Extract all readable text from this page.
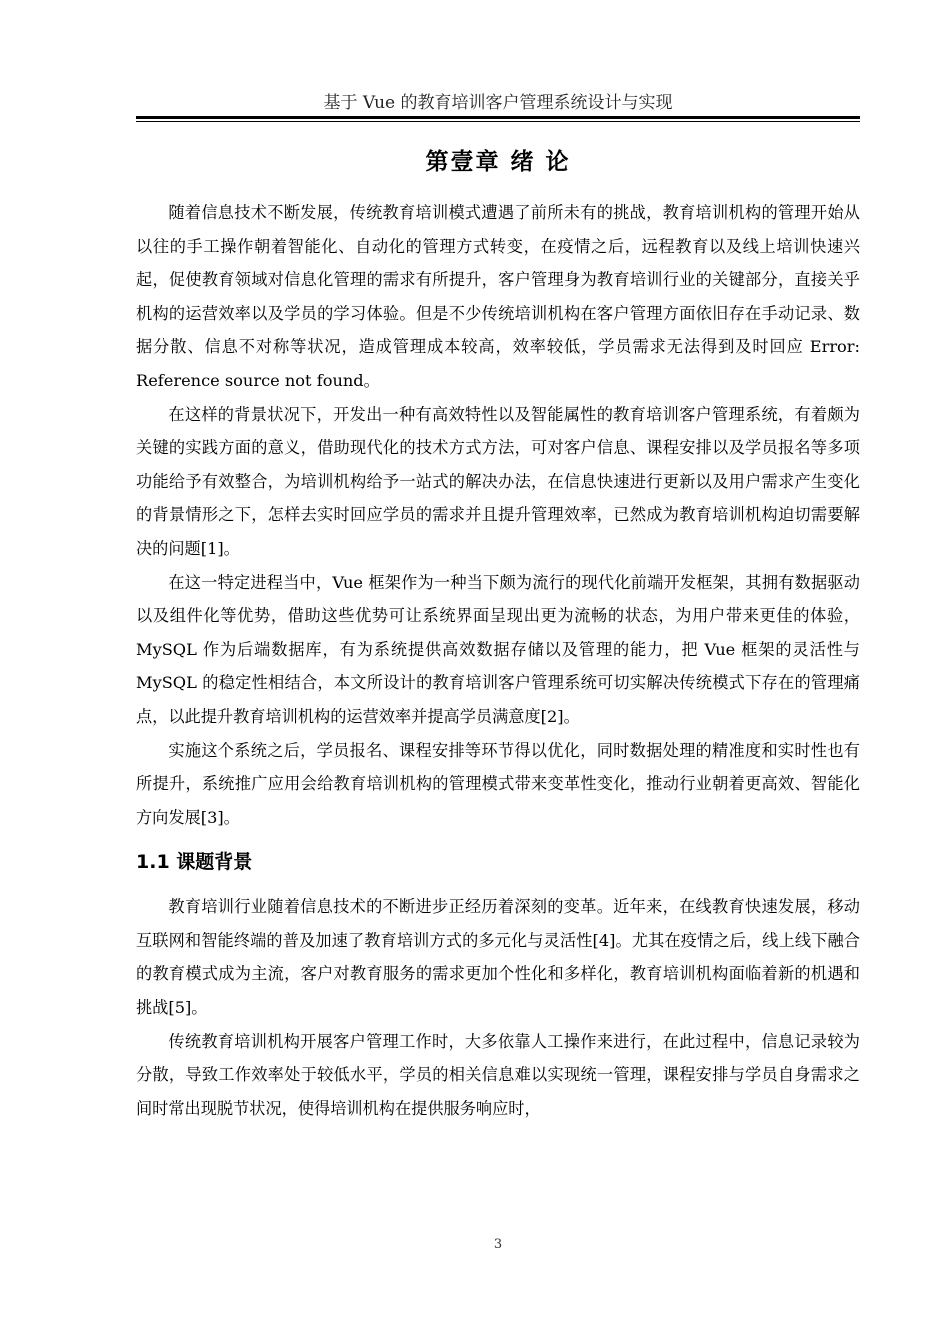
基于 Vue 的教育培训客户管理系统设计与实现
第壹章 绪 论

随着信息技术不断发展，传统教育培训模式遭遇了前所未有的挑战，教育培训机构的管理开始从以往的手工操作朝着智能化、自动化的管理方式转变，在疫情之后，远程教育以及线上培训快速兴起，促使教育领域对信息化管理的需求有所提升，客户管理身为教育培训行业的关键部分，直接关乎机构的运营效率以及学员的学习体验。但是不少传统培训机构在客户管理方面依旧存在手动记录、数据分散、信息不对称等状况，造成管理成本较高，效率较低，学员需求无法得到及时回应 Error: Reference source not found。

在这样的背景状况下，开发出一种有高效特性以及智能属性的教育培训客户管理系统，有着颇为关键的实践方面的意义，借助现代化的技术方式方法，可对客户信息、课程安排以及学员报名等多项功能给予有效整合，为培训机构给予一站式的解决办法，在信息快速进行更新以及用户需求产生变化的背景情形之下，怎样去实时回应学员的需求并且提升管理效率，已然成为教育培训机构迫切需要解决的问题[1]。

在这一特定进程当中，Vue 框架作为一种当下颇为流行的现代化前端开发框架，其拥有数据驱动以及组件化等优势，借助这些优势可让系统界面呈现出更为流畅的状态，为用户带来更佳的体验，MySQL 作为后端数据库，有为系统提供高效数据存储以及管理的能力，把 Vue 框架的灵活性与 MySQL 的稳定性相结合，本文所设计的教育培训客户管理系统可切实解决传统模式下存在的管理痛点，以此提升教育培训机构的运营效率并提高学员满意度[2]。

实施这个系统之后，学员报名、课程安排等环节得以优化，同时数据处理的精准度和实时性也有所提升，系统推广应用会给教育培训机构的管理模式带来变革性变化，推动行业朝着更高效、智能化方向发展[3]。

1.1 课题背景

教育培训行业随着信息技术的不断进步正经历着深刻的变革。近年来，在线教育快速发展，移动互联网和智能终端的普及加速了教育培训方式的多元化与灵活性[4]。尤其在疫情之后，线上线下融合的教育模式成为主流，客户对教育服务的需求更加个性化和多样化，教育培训机构面临着新的机遇和挑战[5]。

传统教育培训机构开展客户管理工作时，大多依靠人工操作来进行，在此过程中，信息记录较为分散，导致工作效率处于较低水平，学员的相关信息难以实现统一管理，课程安排与学员自身需求之间时常出现脱节状况，使得培训机构在提供服务响应时，

3
